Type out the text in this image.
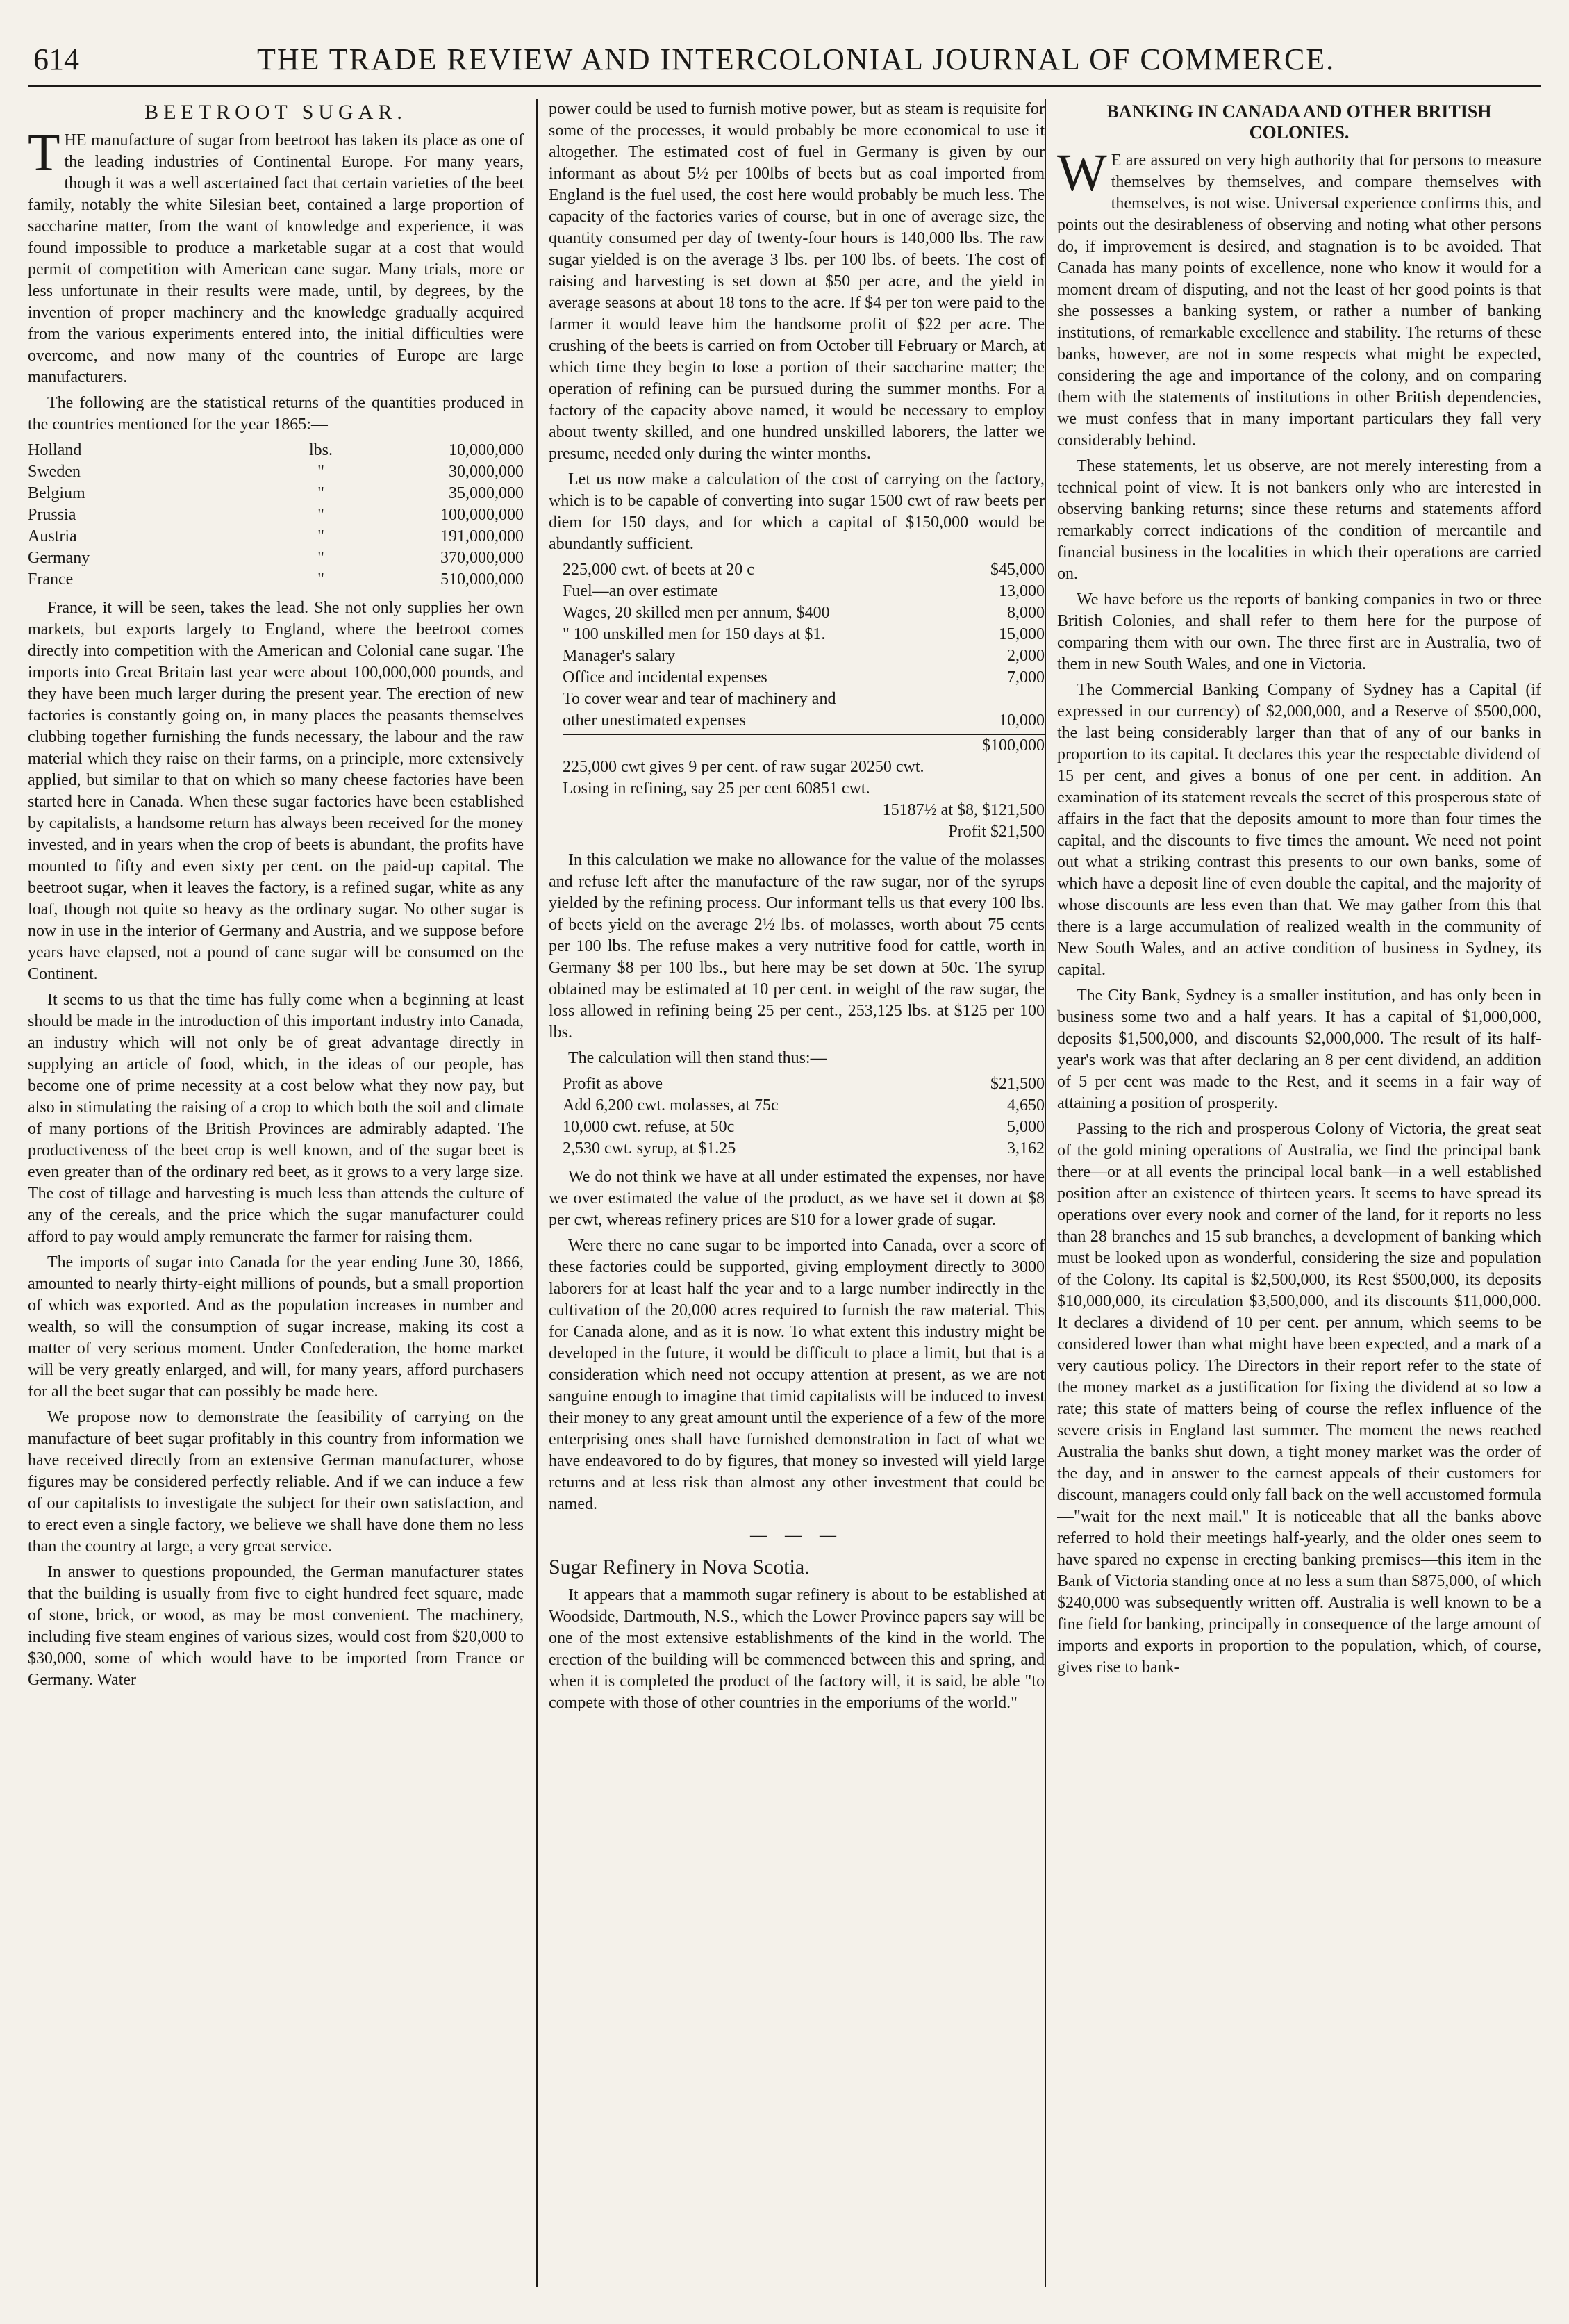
614	THE TRADE REVIEW AND INTERCOLONIAL JOURNAL OF COMMERCE.
BEETROOT SUGAR.

THE manufacture of sugar from beetroot has taken its place as one of the leading industries of Continental Europe. For many years, though it was a well ascertained fact that certain varieties of the beet family, notably the white Silesian beet, contained a large proportion of saccharine matter, from the want of knowledge and experience, it was found impossible to produce a marketable sugar at a cost that would permit of competition with American cane sugar. Many trials, more or less unfortunate in their results were made, until, by degrees, by the invention of proper machinery and the knowledge gradually acquired from the various experiments entered into, the initial difficulties were overcome, and now many of the countries of Europe are large manufacturers.

The following are the statistical returns of the quantities produced in the countries mentioned for the year 1865:—

Holland	lbs.	10,000,000
Sweden	"	30,000,000
Belgium	"	35,000,000
Prussia	"	100,000,000
Austria	"	191,000,000
Germany	"	370,000,000
France	"	510,000,000

France, it will be seen, takes the lead. She not only supplies her own markets, but exports largely to England, where the beetroot comes directly into competition with the American and Colonial cane sugar. The imports into Great Britain last year were about 100,000,000 pounds, and they have been much larger during the present year. The erection of new factories is constantly going on, in many places the peasants themselves clubbing together furnishing the funds necessary, the labour and the raw material which they raise on their farms, on a principle, more extensively applied, but similar to that on which so many cheese factories have been started here in Canada. When these sugar factories have been established by capitalists, a handsome return has always been received for the money invested, and in years when the crop of beets is abundant, the profits have mounted to fifty and even sixty per cent. on the paid-up capital. The beetroot sugar, when it leaves the factory, is a refined sugar, white as any loaf, though not quite so heavy as the ordinary sugar. No other sugar is now in use in the interior of Germany and Austria, and we suppose before years have elapsed, not a pound of cane sugar will be consumed on the Continent.

It seems to us that the time has fully come when a beginning at least should be made in the introduction of this important industry into Canada, an industry which will not only be of great advantage directly in supplying an article of food, which, in the ideas of our people, has become one of prime necessity at a cost below what they now pay, but also in stimulating the raising of a crop to which both the soil and climate of many portions of the British Provinces are admirably adapted. The productiveness of the beet crop is well known, and of the sugar beet is even greater than of the ordinary red beet, as it grows to a very large size. The cost of tillage and harvesting is much less than attends the culture of any of the cereals, and the price which the sugar manufacturer could afford to pay would amply remunerate the farmer for raising them.

The imports of sugar into Canada for the year ending June 30, 1866, amounted to nearly thirty-eight millions of pounds, but a small proportion of which was exported. And as the population increases in number and wealth, so will the consumption of sugar increase, making its cost a matter of very serious moment. Under Confederation, the home market will be very greatly enlarged, and will, for many years, afford purchasers for all the beet sugar that can possibly be made here.

We propose now to demonstrate the feasibility of carrying on the manufacture of beet sugar profitably in this country from information we have received directly from an extensive German manufacturer, whose figures may be considered perfectly reliable. And if we can induce a few of our capitalists to investigate the subject for their own satisfaction, and to erect even a single factory, we believe we shall have done them no less than the country at large, a very great service.

In answer to questions propounded, the German manufacturer states that the building is usually from five to eight hundred feet square, made of stone, brick, or wood, as may be most convenient. The machinery, including five steam engines of various sizes, would cost from $20,000 to $30,000, some of which would have to be imported from France or Germany. Water

power could be used to furnish motive power, but as steam is requisite for some of the processes, it would probably be more economical to use it altogether. The estimated cost of fuel in Germany is given by our informant as about 5½ per 100lbs of beets but as coal imported from England is the fuel used, the cost here would probably be much less. The capacity of the factories varies of course, but in one of average size, the quantity consumed per day of twenty-four hours is 140,000 lbs. The raw sugar yielded is on the average 3 lbs. per 100 lbs. of beets. The cost of raising and harvesting is set down at $50 per acre, and the yield in average seasons at about 18 tons to the acre. If $4 per ton were paid to the farmer it would leave him the handsome profit of $22 per acre. The crushing of the beets is carried on from October till February or March, at which time they begin to lose a portion of their saccharine matter; the operation of refining can be pursued during the summer months. For a factory of the capacity above named, it would be necessary to employ about twenty skilled, and one hundred unskilled laborers, the latter we presume, needed only during the winter months.

Let us now make a calculation of the cost of carrying on the factory, which is to be capable of converting into sugar 1500 cwt of raw beets per diem for 150 days, and for which a capital of $150,000 would be abundantly sufficient.

225,000 cwt. of beets at 20 c	$45,000
Fuel—an over estimate	13,000
Wages, 20 skilled men per annum, $400	8,000
" 100 unskilled men for 150 days at $1.	15,000
Manager's salary	2,000
Office and incidental expenses	7,000
To cover wear and tear of machinery and
other unestimated expenses	10,000
$100,000
225,000 cwt gives 9 per cent. of raw sugar 20250 cwt.
Losing in refining, say 25 per cent 60851 cwt.
15187½ at $8, $121,500
Profit $21,500

In this calculation we make no allowance for the value of the molasses and refuse left after the manufacture of the raw sugar, nor of the syrups yielded by the refining process. Our informant tells us that every 100 lbs. of beets yield on the average 2½ lbs. of molasses, worth about 75 cents per 100 lbs. The refuse makes a very nutritive food for cattle, worth in Germany $8 per 100 lbs., but here may be set down at 50c. The syrup obtained may be estimated at 10 per cent. in weight of the raw sugar, the loss allowed in refining being 25 per cent., 253,125 lbs. at $125 per 100 lbs.

The calculation will then stand thus:—

Profit as above	$21,500
Add 6,200 cwt. molasses, at 75c	4,650
10,000 cwt. refuse, at 50c	5,000
2,530 cwt. syrup, at $1.25	3,162

We do not think we have at all under estimated the expenses, nor have we over estimated the value of the product, as we have set it down at $8 per cwt, whereas refinery prices are $10 for a lower grade of sugar.

Were there no cane sugar to be imported into Canada, over a score of these factories could be supported, giving employment directly to 3000 laborers for at least half the year and to a large number indirectly in the cultivation of the 20,000 acres required to furnish the raw material. This for Canada alone, and as it is now. To what extent this industry might be developed in the future, it would be difficult to place a limit, but that is a consideration which need not occupy attention at present, as we are not sanguine enough to imagine that timid capitalists will be induced to invest their money to any great amount until the experience of a few of the more enterprising ones shall have furnished demonstration in fact of what we have endeavored to do by figures, that money so invested will yield large returns and at less risk than almost any other investment that could be named.

— — —
Sugar Refinery in Nova Scotia.

It appears that a mammoth sugar refinery is about to be established at Woodside, Dartmouth, N.S., which the Lower Province papers say will be one of the most extensive establishments of the kind in the world. The erection of the building will be commenced between this and spring, and when it is completed the product of the factory will, it is said, be able "to compete with those of other countries in the emporiums of the world."

BANKING IN CANADA AND OTHER BRITISH COLONIES.

W E are assured on very high authority that for persons to measure themselves by themselves, and compare themselves with themselves, is not wise. Universal experience confirms this, and points out the desirableness of observing and noting what other persons do, if improvement is desired, and stagnation is to be avoided. That Canada has many points of excellence, none who know it would for a moment dream of disputing, and not the least of her good points is that she possesses a banking system, or rather a number of banking institutions, of remarkable excellence and stability. The returns of these banks, however, are not in some respects what might be expected, considering the age and importance of the colony, and on comparing them with the statements of institutions in other British dependencies, we must confess that in many important particulars they fall very considerably behind.

These statements, let us observe, are not merely interesting from a technical point of view. It is not bankers only who are interested in observing banking returns; since these returns and statements afford remarkably correct indications of the condition of mercantile and financial business in the localities in which their operations are carried on.

We have before us the reports of banking companies in two or three British Colonies, and shall refer to them here for the purpose of comparing them with our own. The three first are in Australia, two of them in new South Wales, and one in Victoria.

The Commercial Banking Company of Sydney has a Capital (if expressed in our currency) of $2,000,000, and a Reserve of $500,000, the last being considerably larger than that of any of our banks in proportion to its capital. It declares this year the respectable dividend of 15 per cent, and gives a bonus of one per cent. in addition. An examination of its statement reveals the secret of this prosperous state of affairs in the fact that the deposits amount to more than four times the capital, and the discounts to five times the amount. We need not point out what a striking contrast this presents to our own banks, some of which have a deposit line of even double the capital, and the majority of whose discounts are less even than that. We may gather from this that there is a large accumulation of realized wealth in the community of New South Wales, and an active condition of business in Sydney, its capital.

The City Bank, Sydney is a smaller institution, and has only been in business some two and a half years. It has a capital of $1,000,000, deposits $1,500,000, and discounts $2,000,000. The result of its half-year's work was that after declaring an 8 per cent dividend, an addition of 5 per cent was made to the Rest, and it seems in a fair way of attaining a position of prosperity.

Passing to the rich and prosperous Colony of Victoria, the great seat of the gold mining operations of Australia, we find the principal bank there—or at all events the principal local bank—in a well established position after an existence of thirteen years. It seems to have spread its operations over every nook and corner of the land, for it reports no less than 28 branches and 15 sub branches, a development of banking which must be looked upon as wonderful, considering the size and population of the Colony. Its capital is $2,500,000, its Rest $500,000, its deposits $10,000,000, its circulation $3,500,000, and its discounts $11,000,000. It declares a dividend of 10 per cent. per annum, which seems to be considered lower than what might have been expected, and a mark of a very cautious policy. The Directors in their report refer to the state of the money market as a justification for fixing the dividend at so low a rate; this state of matters being of course the reflex influence of the severe crisis in England last summer. The moment the news reached Australia the banks shut down, a tight money market was the order of the day, and in answer to the earnest appeals of their customers for discount, managers could only fall back on the well accustomed formula—"wait for the next mail." It is noticeable that all the banks above referred to hold their meetings half-yearly, and the older ones seem to have spared no expense in erecting banking premises—this item in the Bank of Victoria standing once at no less a sum than $875,000, of which $240,000 was subsequently written off. Australia is well known to be a fine field for banking, principally in consequence of the large amount of imports and exports in proportion to the population, which, of course, gives rise to bank-
